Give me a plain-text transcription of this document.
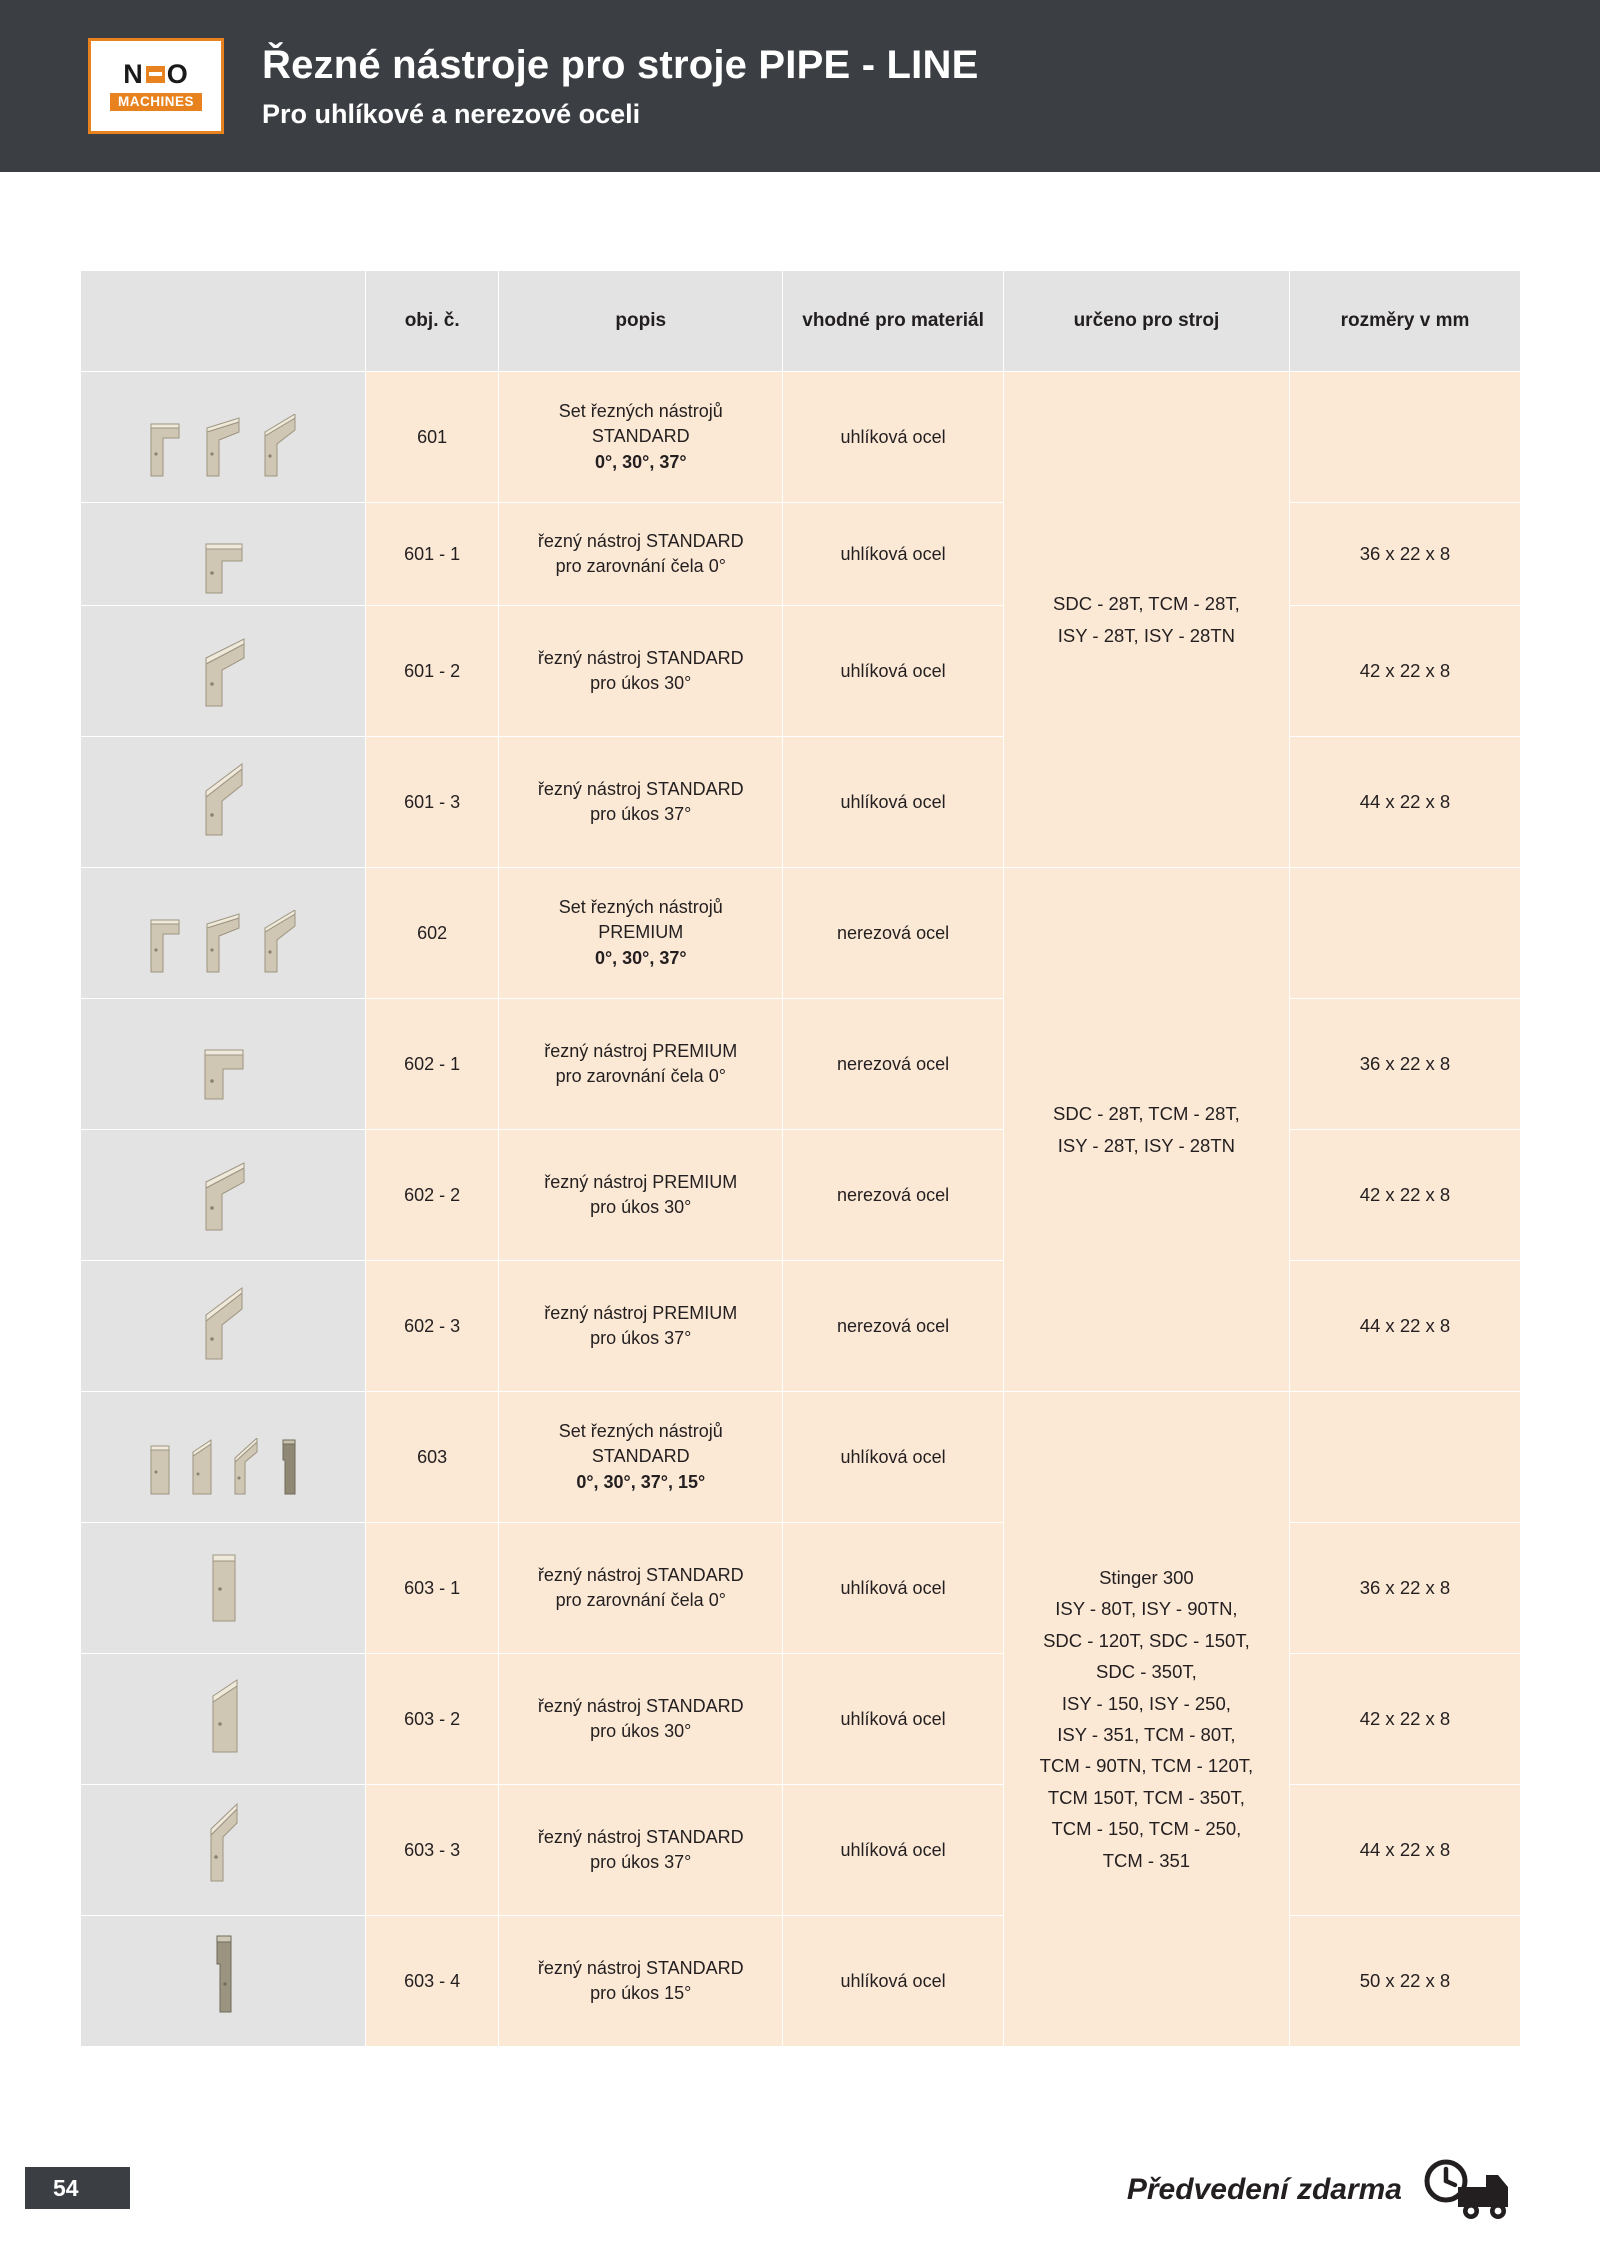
N O
MACHINES
Řezné nástroje pro stroje PIPE - LINE
Pro uhlíkové a nerezové oceli
	obj. č.	popis	vhodné pro materiál	určeno pro stroj	rozměry v mm

	601	Set řezných nástrojů
STANDARD
0°, 30°, 37°	uhlíková ocel	SDC - 28T, TCM - 28T,
ISY - 28T, ISY - 28TN	

	601 - 1	řezný nástroj STANDARD
pro zarovnání čela 0°	uhlíková ocel		36 x 22 x 8

	601 - 2	řezný nástroj STANDARD
pro úkos 30°	uhlíková ocel		42 x 22 x 8

	601 - 3	řezný nástroj STANDARD
pro úkos 37°	uhlíková ocel		44 x 22 x 8

	602	Set řezných nástrojů
PREMIUM
0°, 30°, 37°	nerezová ocel	SDC - 28T, TCM - 28T,
ISY - 28T, ISY - 28TN	

	602 - 1	řezný nástroj PREMIUM
pro zarovnání čela 0°	nerezová ocel		36 x 22 x 8

	602 - 2	řezný nástroj PREMIUM
pro úkos 30°	nerezová ocel		42 x 22 x 8

	602 - 3	řezný nástroj PREMIUM
pro úkos 37°	nerezová ocel		44 x 22 x 8

	603	Set řezných nástrojů
STANDARD
0°, 30°, 37°, 15°	uhlíková ocel	Stinger 300
ISY - 80T, ISY - 90TN,
SDC - 120T, SDC - 150T,
SDC - 350T,
ISY - 150, ISY - 250,
ISY - 351, TCM - 80T,
TCM - 90TN, TCM - 120T,
TCM 150T, TCM - 350T,
TCM - 150, TCM - 250,
TCM - 351	

	603 - 1	řezný nástroj STANDARD
pro zarovnání čela 0°	uhlíková ocel		36 x 22 x 8

	603 - 2	řezný nástroj STANDARD
pro úkos 30°	uhlíková ocel		42 x 22 x 8

	603 - 3	řezný nástroj STANDARD
pro úkos 37°	uhlíková ocel		44 x 22 x 8

	603 - 4	řezný nástroj STANDARD
pro úkos 15°	uhlíková ocel		50 x 22 x 8
54	Předvedení zdarma
